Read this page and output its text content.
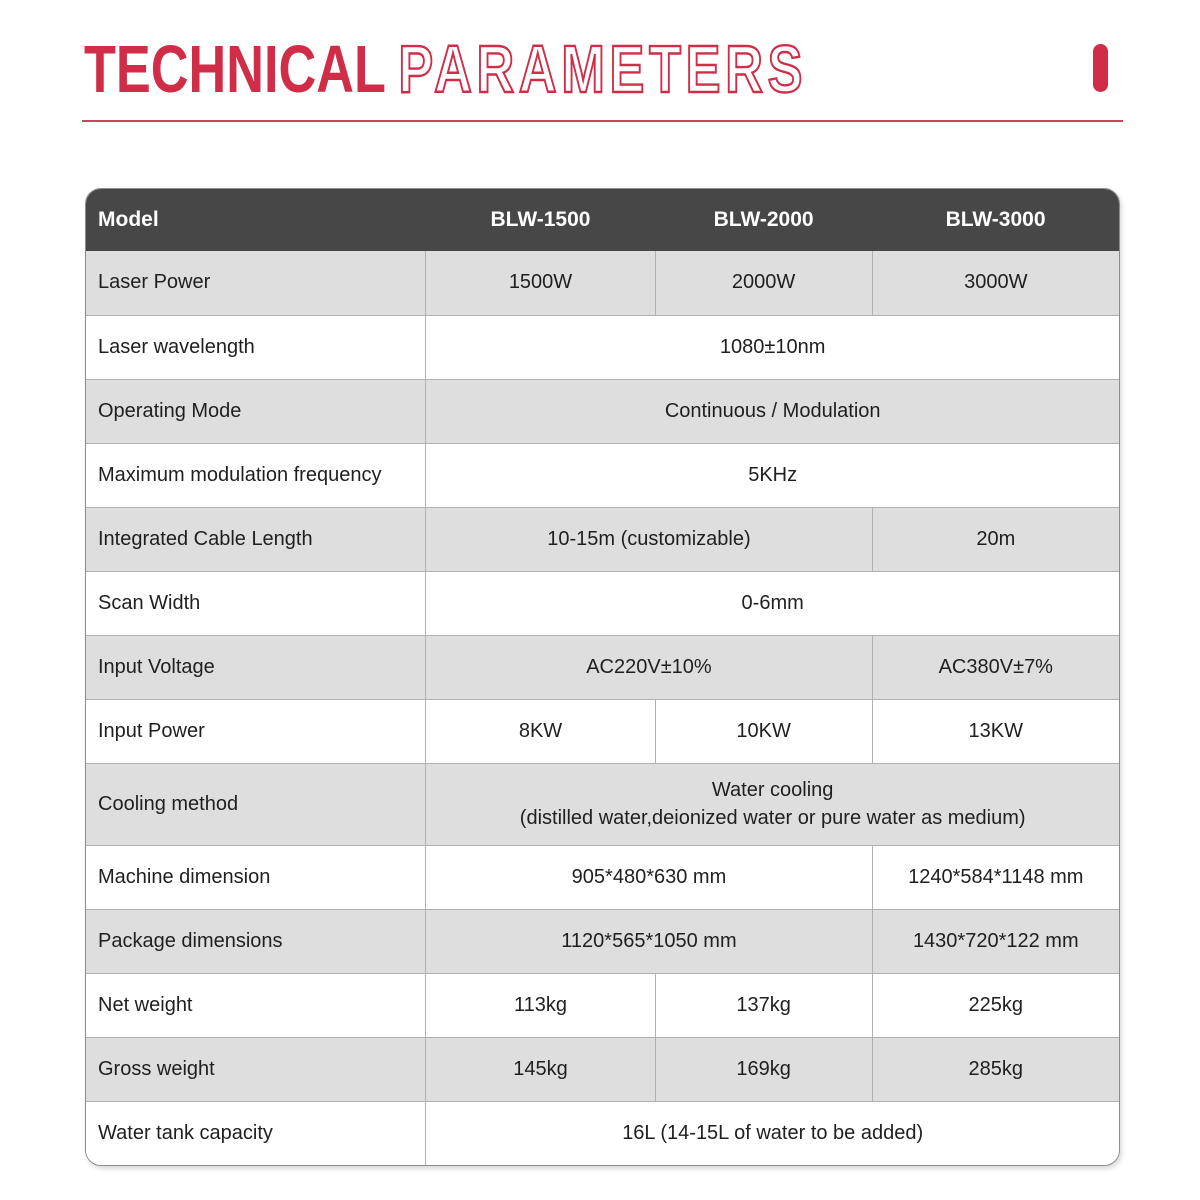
TECHNICAL PARAMETERS
Model	BLW-1500	BLW-2000	BLW-3000
Laser Power	1500W	2000W	3000W
Laser wavelength	1080±10nm		
Operating Mode	Continuous / Modulation		
Maximum modulation frequency	5KHz		
Integrated Cable Length	10-15m (customizable)		20m
Scan Width	0-6mm		
Input Voltage	AC220V±10%		AC380V±7%
Input Power	8KW	10KW	13KW
Cooling method	Water cooling
(distilled water,deionized water or pure water as medium)		

Machine dimension	905*480*630 mm		1240*584*1148 mm
Package dimensions	1120*565*1050 mm		1430*720*122 mm
Net weight	113kg	137kg	225kg
Gross weight	145kg	169kg	285kg
Water tank capacity	16L (14-15L of water to be added)		
